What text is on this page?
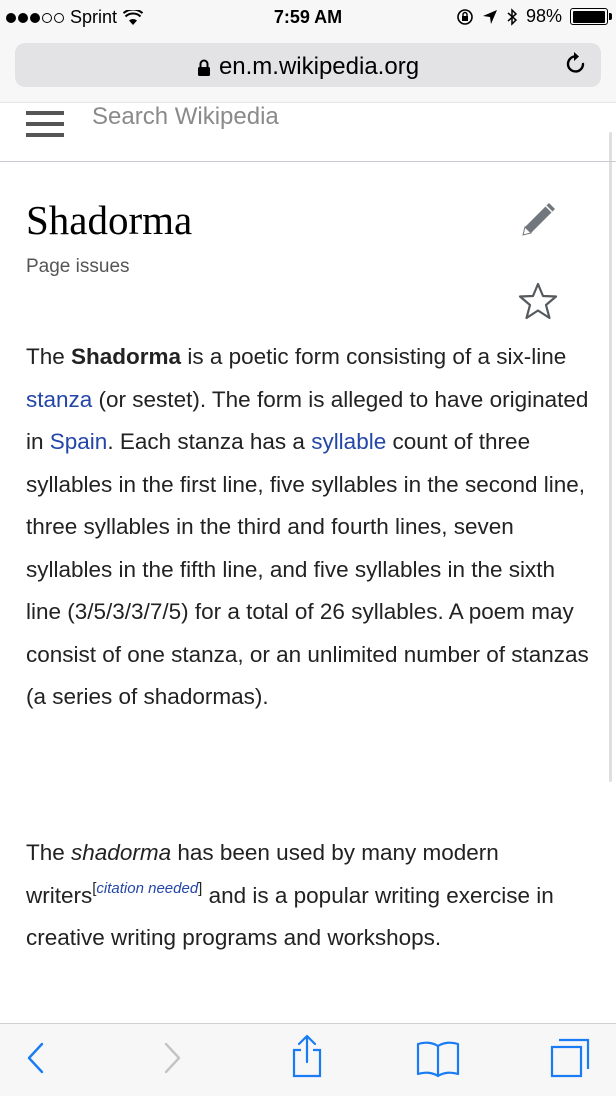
Sprint	7:59 AM	98%
en.m.wikipedia.org
Search Wikipedia
Shadorma
Page issues

The Shadorma is a poetic form consisting of a six-line stanza (or sestet). The form is alleged to have originated in Spain. Each stanza has a syllable count of three syllables in the first line, five syllables in the second line, three syllables in the third and fourth lines, seven syllables in the fifth line, and five syllables in the sixth line (3/5/3/3/7/5) for a total of 26 syllables. A poem may consist of one stanza, or an unlimited number of stanzas (a series of shadormas).

The shadorma has been used by many modern writers[citation needed] and is a popular writing exercise in creative writing programs and workshops.
